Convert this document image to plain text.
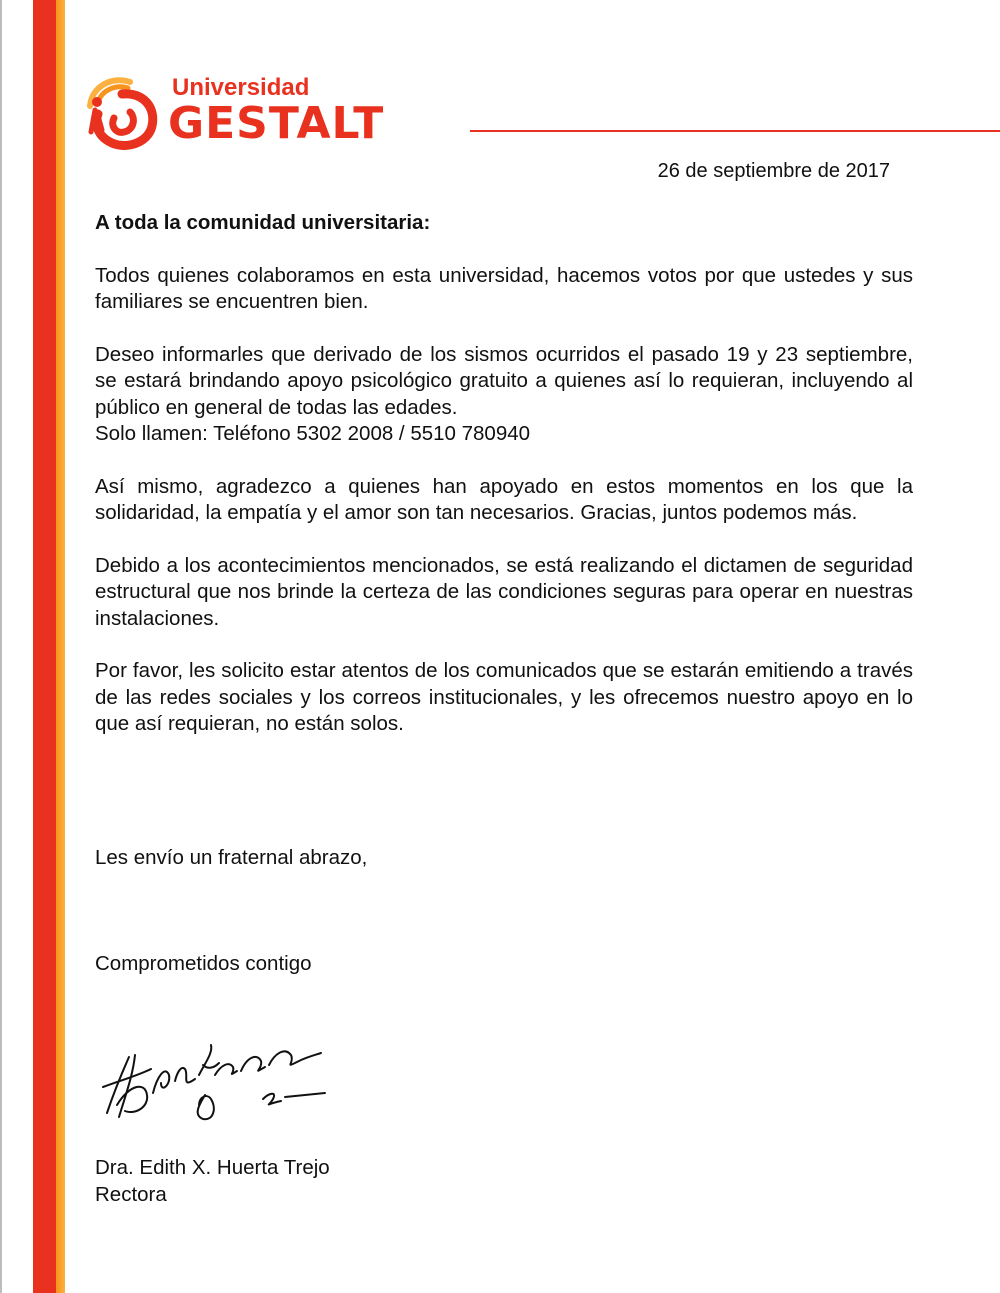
Universidad
GESTALT
26 de septiembre de 2017

A toda la comunidad universitaria:

Todos quienes colaboramos en esta universidad, hacemos votos por que ustedes y sus familiares se encuentren bien.

Deseo informarles que derivado de los sismos ocurridos el pasado 19 y 23 septiembre, se estará brindando apoyo psicológico gratuito a quienes así lo requieran, incluyendo al público en general de todas las edades.
Solo llamen: Teléfono 5302 2008 / 5510 780940

Así mismo, agradezco a quienes han apoyado en estos momentos en los que la solidaridad, la empatía y el amor son tan necesarios. Gracias, juntos podemos más.

Debido a los acontecimientos mencionados, se está realizando el dictamen de seguridad estructural que nos brinde la certeza de las condiciones seguras para operar en nuestras instalaciones.

Por favor, les solicito estar atentos de los comunicados que se estarán emitiendo a través de las redes sociales y los correos institucionales, y les ofrecemos nuestro apoyo en lo que así requieran, no están solos.

Les envío un fraternal abrazo,
Comprometidos contigo
Dra. Edith X. Huerta Trejo
Rectora
